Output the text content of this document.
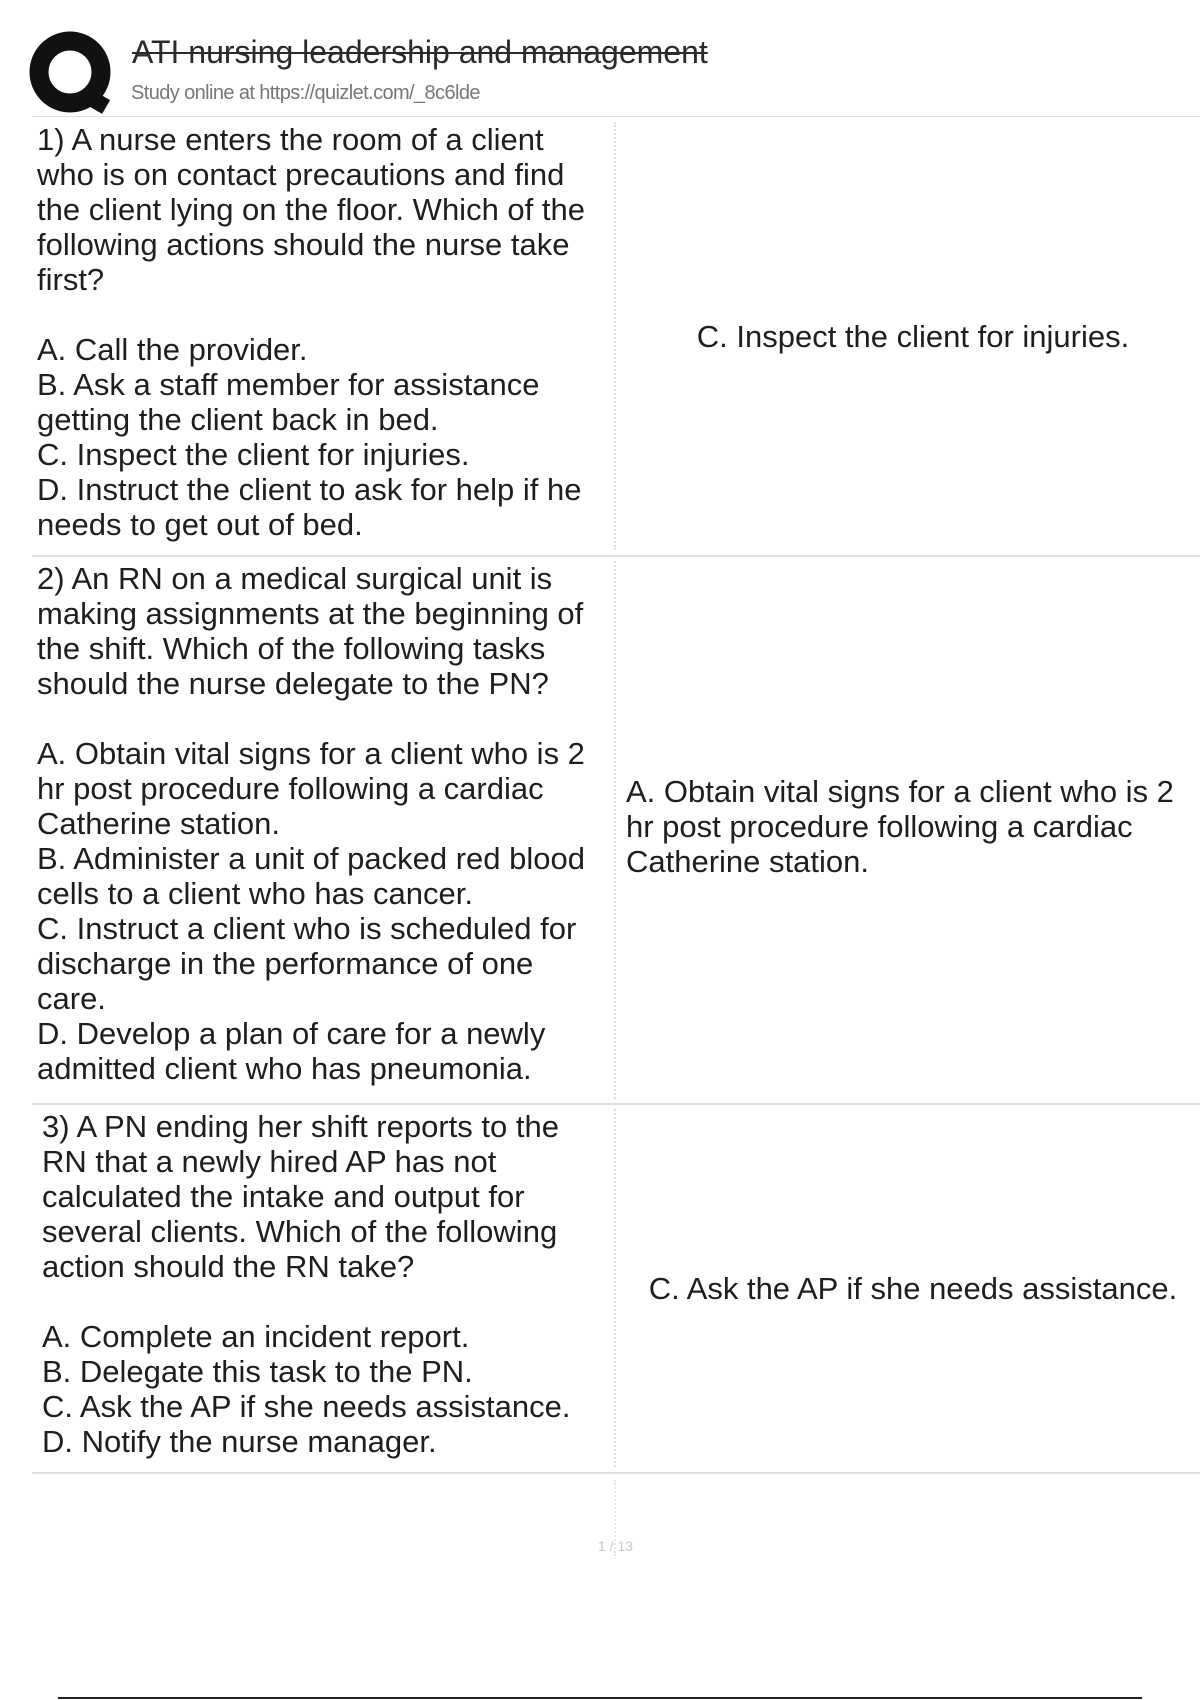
ATI nursing leadership and management
Study online at https://quizlet.com/_8c6lde
1) A nurse enters the room of a client who is on contact precautions and find the client lying on the floor. Which of the following actions should the nurse take first?

A. Call the provider.
B. Ask a staff member for assistance getting the client back in bed.
C. Inspect the client for injuries.
D. Instruct the client to ask for help if he needs to get out of bed.
C. Inspect the client for injuries.
2) An RN on a medical surgical unit is making assignments at the beginning of the shift. Which of the following tasks should the nurse delegate to the PN?

A. Obtain vital signs for a client who is 2 hr post procedure following a cardiac Catherine station.
B. Administer a unit of packed red blood cells to a client who has cancer.
C. Instruct a client who is scheduled for discharge in the performance of one care.
D. Develop a plan of care for a newly admitted client who has pneumonia.
A. Obtain vital signs for a client who is 2 hr post procedure following a cardiac Catherine station.
3) A PN ending her shift reports to the RN that a newly hired AP has not calculated the intake and output for several clients. Which of the following action should the RN take?

A. Complete an incident report.
B. Delegate this task to the PN.
C. Ask the AP if she needs assistance.
D. Notify the nurse manager.
C. Ask the AP if she needs assistance.
1 / 13
